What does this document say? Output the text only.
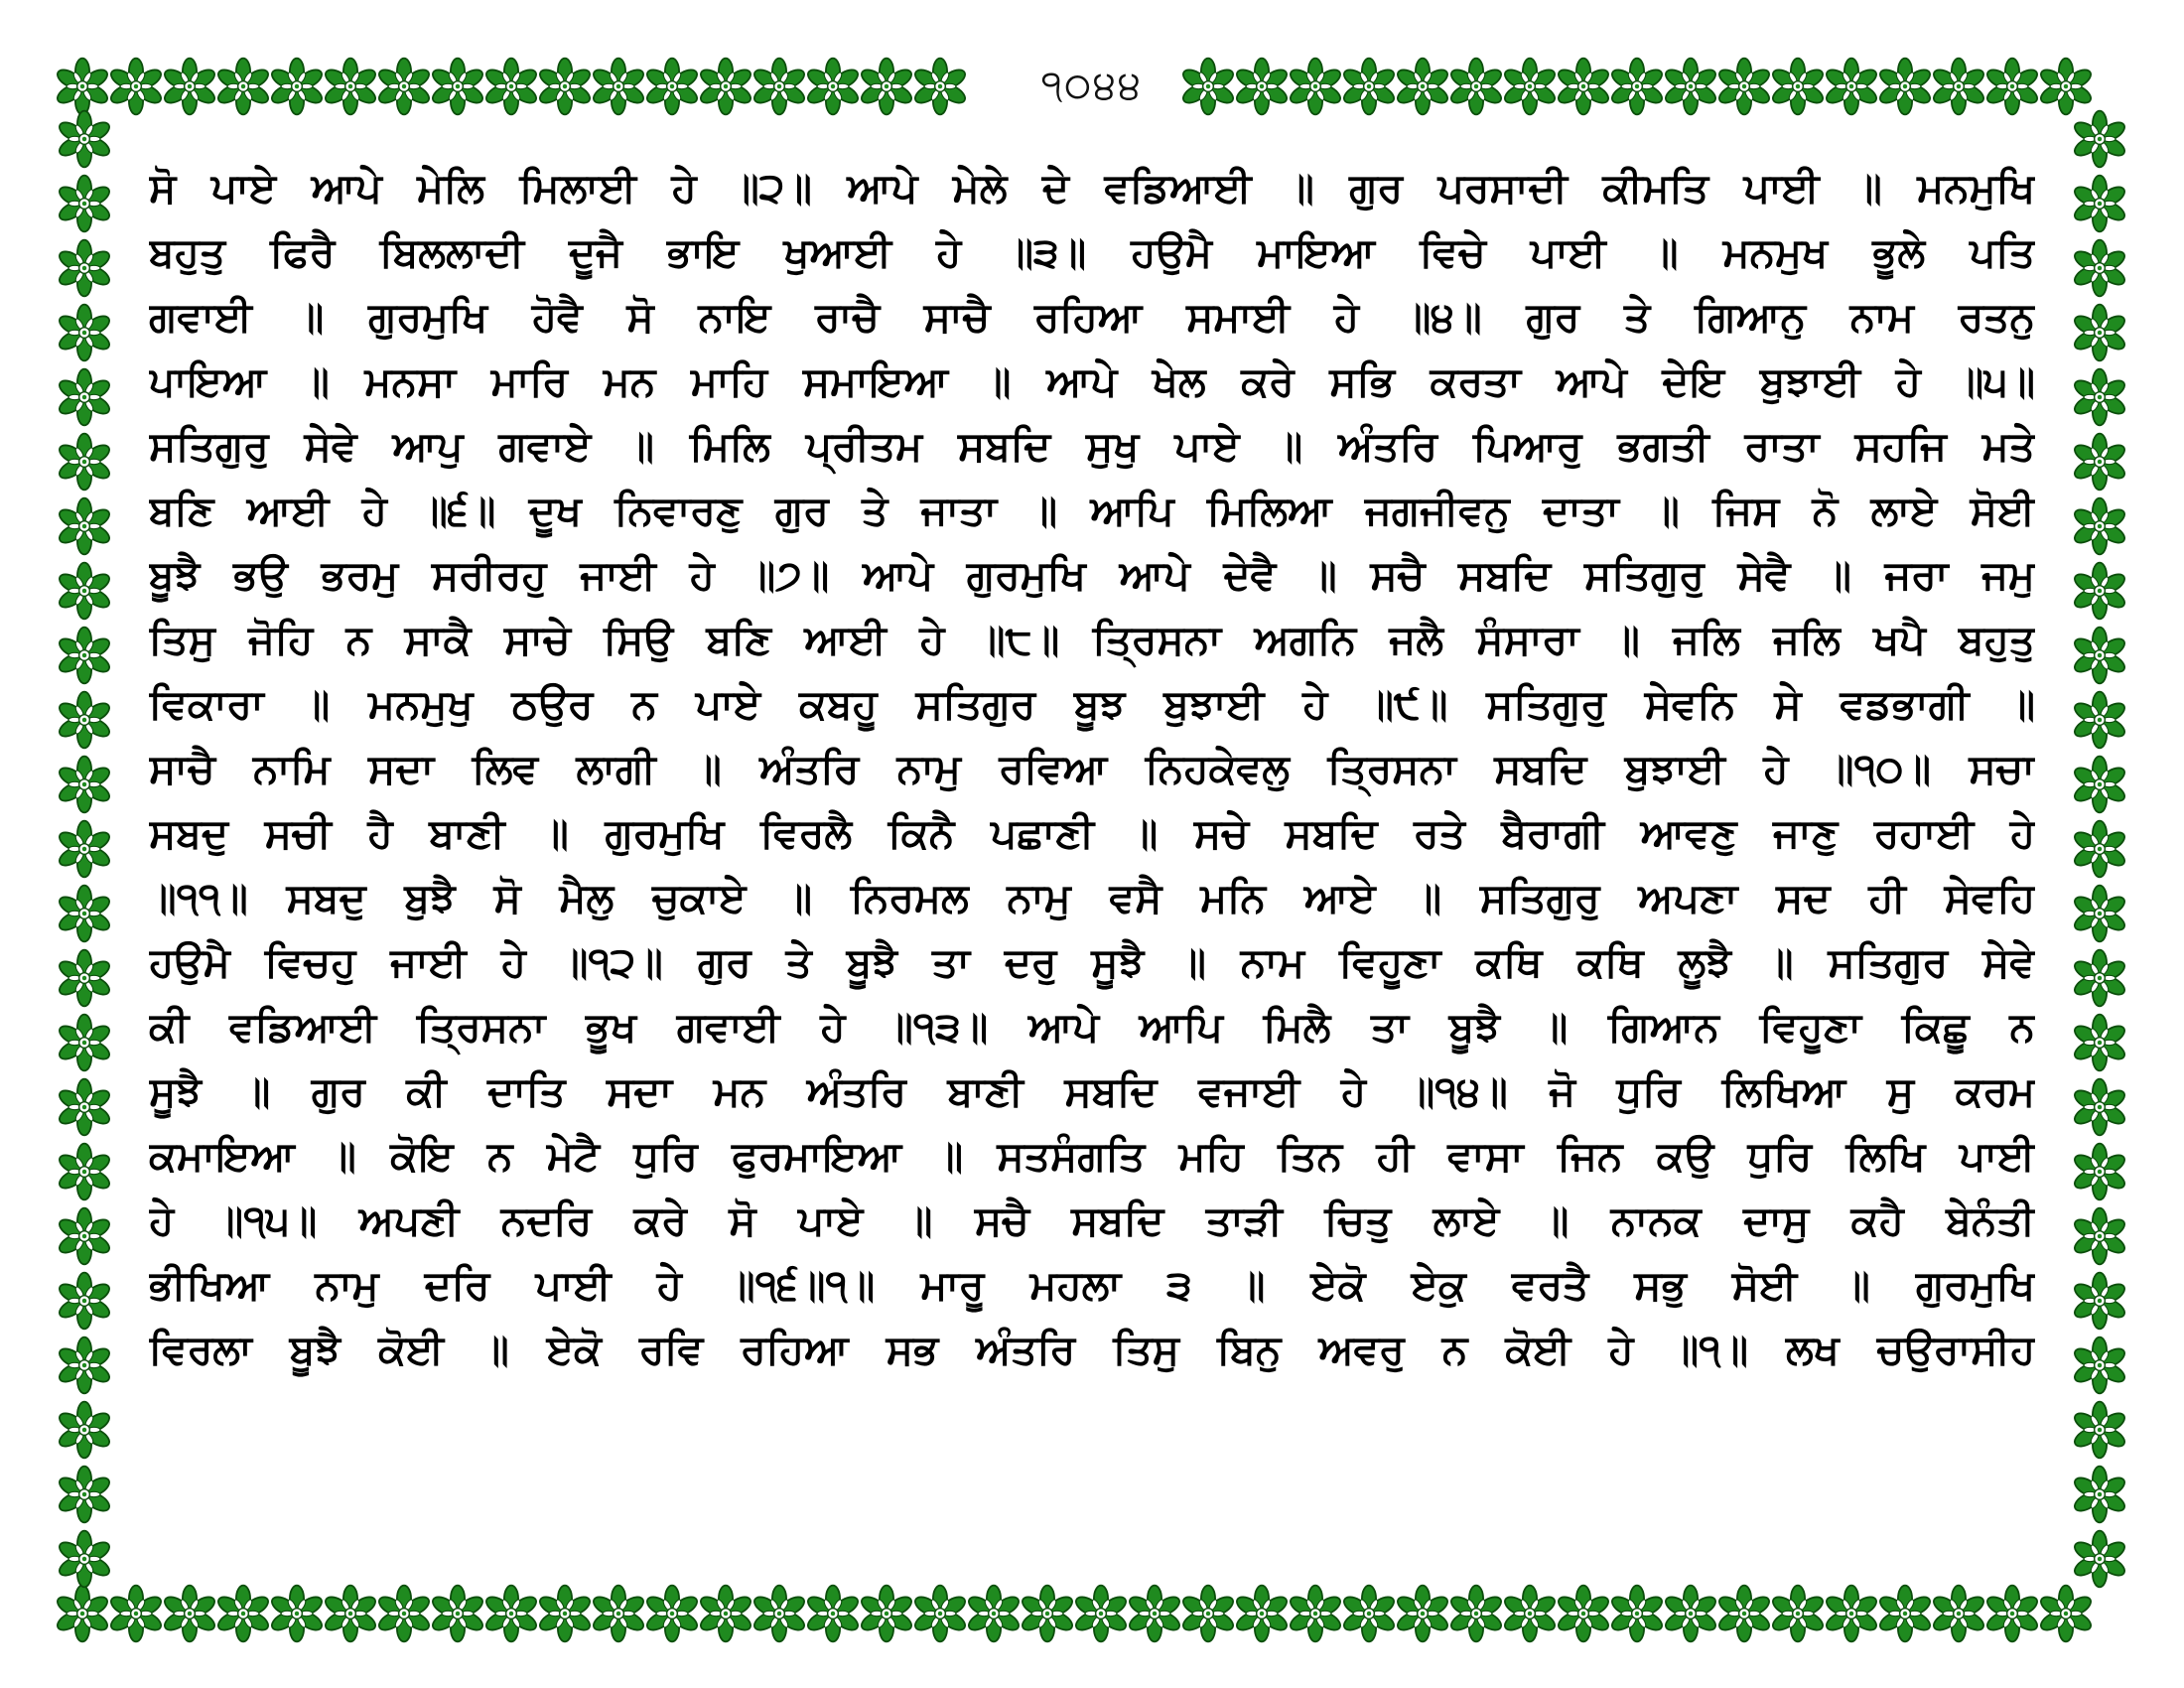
੧੦੪੪
ਸੋ ਪਾਏ ਆਪੇ ਮੇਲਿ ਮਿਲਾਈ ਹੇ ॥੨॥ ਆਪੇ ਮੇਲੇ ਦੇ ਵਡਿਆਈ ॥ ਗੁਰ ਪਰਸਾਦੀ ਕੀਮਤਿ ਪਾਈ ॥ ਮਨਮੁਖਿ
ਬਹੁਤੁ ਫਿਰੈ ਬਿਲਲਾਦੀ ਦੂਜੈ ਭਾਇ ਖੁਆਈ ਹੇ ॥੩॥ ਹਉਮੈ ਮਾਇਆ ਵਿਚੇ ਪਾਈ ॥ ਮਨਮੁਖ ਭੂਲੇ ਪਤਿ
ਗਵਾਈ ॥ ਗੁਰਮੁਖਿ ਹੋਵੈ ਸੋ ਨਾਇ ਰਾਚੈ ਸਾਚੈ ਰਹਿਆ ਸਮਾਈ ਹੇ ॥੪॥ ਗੁਰ ਤੇ ਗਿਆਨੁ ਨਾਮ ਰਤਨੁ
ਪਾਇਆ ॥ ਮਨਸਾ ਮਾਰਿ ਮਨ ਮਾਹਿ ਸਮਾਇਆ ॥ ਆਪੇ ਖੇਲ ਕਰੇ ਸਭਿ ਕਰਤਾ ਆਪੇ ਦੇਇ ਬੁਝਾਈ ਹੇ ॥੫॥
ਸਤਿਗੁਰੁ ਸੇਵੇ ਆਪੁ ਗਵਾਏ ॥ ਮਿਲਿ ਪ੍ਰੀਤਮ ਸਬਦਿ ਸੁਖੁ ਪਾਏ ॥ ਅੰਤਰਿ ਪਿਆਰੁ ਭਗਤੀ ਰਾਤਾ ਸਹਜਿ ਮਤੇ
ਬਣਿ ਆਈ ਹੇ ॥੬॥ ਦੂਖ ਨਿਵਾਰਣੁ ਗੁਰ ਤੇ ਜਾਤਾ ॥ ਆਪਿ ਮਿਲਿਆ ਜਗਜੀਵਨੁ ਦਾਤਾ ॥ ਜਿਸ ਨੋ ਲਾਏ ਸੋਈ
ਬੂਝੈ ਭਉ ਭਰਮੁ ਸਰੀਰਹੁ ਜਾਈ ਹੇ ॥੭॥ ਆਪੇ ਗੁਰਮੁਖਿ ਆਪੇ ਦੇਵੈ ॥ ਸਚੈ ਸਬਦਿ ਸਤਿਗੁਰੁ ਸੇਵੈ ॥ ਜਰਾ ਜਮੁ
ਤਿਸੁ ਜੋਹਿ ਨ ਸਾਕੈ ਸਾਚੇ ਸਿਉ ਬਣਿ ਆਈ ਹੇ ॥੮॥ ਤ੍ਰਿਸਨਾ ਅਗਨਿ ਜਲੈ ਸੰਸਾਰਾ ॥ ਜਲਿ ਜਲਿ ਖਪੈ ਬਹੁਤੁ
ਵਿਕਾਰਾ ॥ ਮਨਮੁਖੁ ਠਉਰ ਨ ਪਾਏ ਕਬਹੂ ਸਤਿਗੁਰ ਬੂਝ ਬੁਝਾਈ ਹੇ ॥੯॥ ਸਤਿਗੁਰੁ ਸੇਵਨਿ ਸੇ ਵਡਭਾਗੀ ॥
ਸਾਚੈ ਨਾਮਿ ਸਦਾ ਲਿਵ ਲਾਗੀ ॥ ਅੰਤਰਿ ਨਾਮੁ ਰਵਿਆ ਨਿਹਕੇਵਲੁ ਤ੍ਰਿਸਨਾ ਸਬਦਿ ਬੁਝਾਈ ਹੇ ॥੧੦॥ ਸਚਾ
ਸਬਦੁ ਸਚੀ ਹੈ ਬਾਣੀ ॥ ਗੁਰਮੁਖਿ ਵਿਰਲੈ ਕਿਨੈ ਪਛਾਣੀ ॥ ਸਚੇ ਸਬਦਿ ਰਤੇ ਬੈਰਾਗੀ ਆਵਣੁ ਜਾਣੁ ਰਹਾਈ ਹੇ
॥੧੧॥ ਸਬਦੁ ਬੁਝੈ ਸੋ ਮੈਲੁ ਚੁਕਾਏ ॥ ਨਿਰਮਲ ਨਾਮੁ ਵਸੈ ਮਨਿ ਆਏ ॥ ਸਤਿਗੁਰੁ ਅਪਣਾ ਸਦ ਹੀ ਸੇਵਹਿ
ਹਉਮੈ ਵਿਚਹੁ ਜਾਈ ਹੇ ॥੧੨॥ ਗੁਰ ਤੇ ਬੂਝੈ ਤਾ ਦਰੁ ਸੂਝੈ ॥ ਨਾਮ ਵਿਹੂਣਾ ਕਥਿ ਕਥਿ ਲੂਝੈ ॥ ਸਤਿਗੁਰ ਸੇਵੇ
ਕੀ ਵਡਿਆਈ ਤ੍ਰਿਸਨਾ ਭੂਖ ਗਵਾਈ ਹੇ ॥੧੩॥ ਆਪੇ ਆਪਿ ਮਿਲੈ ਤਾ ਬੂਝੈ ॥ ਗਿਆਨ ਵਿਹੂਣਾ ਕਿਛੂ ਨ
ਸੂਝੈ ॥ ਗੁਰ ਕੀ ਦਾਤਿ ਸਦਾ ਮਨ ਅੰਤਰਿ ਬਾਣੀ ਸਬਦਿ ਵਜਾਈ ਹੇ ॥੧੪॥ ਜੋ ਧੁਰਿ ਲਿਖਿਆ ਸੁ ਕਰਮ
ਕਮਾਇਆ ॥ ਕੋਇ ਨ ਮੇਟੈ ਧੁਰਿ ਫੁਰਮਾਇਆ ॥ ਸਤਸੰਗਤਿ ਮਹਿ ਤਿਨ ਹੀ ਵਾਸਾ ਜਿਨ ਕਉ ਧੁਰਿ ਲਿਖਿ ਪਾਈ
ਹੇ ॥੧੫॥ ਅਪਣੀ ਨਦਰਿ ਕਰੇ ਸੋ ਪਾਏ ॥ ਸਚੈ ਸਬਦਿ ਤਾੜੀ ਚਿਤੁ ਲਾਏ ॥ ਨਾਨਕ ਦਾਸੁ ਕਹੈ ਬੇਨੰਤੀ
ਭੀਖਿਆ ਨਾਮੁ ਦਰਿ ਪਾਈ ਹੇ ॥੧੬॥੧॥ ਮਾਰੂ ਮਹਲਾ ੩ ॥ ਏਕੋ ਏਕੁ ਵਰਤੈ ਸਭੁ ਸੋਈ ॥ ਗੁਰਮੁਖਿ
ਵਿਰਲਾ ਬੂਝੈ ਕੋਈ ॥ ਏਕੋ ਰਵਿ ਰਹਿਆ ਸਭ ਅੰਤਰਿ ਤਿਸੁ ਬਿਨੁ ਅਵਰੁ ਨ ਕੋਈ ਹੇ ॥੧॥ ਲਖ ਚਉਰਾਸੀਹ
